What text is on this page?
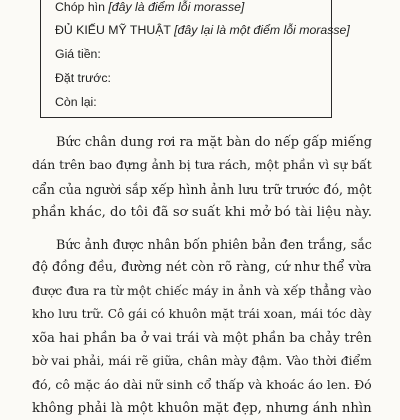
Chóp hìn [đây là điểm lỗi morasse]
ĐỦ KIẾU MỸ THUẬT [đây lại là một điểm lỗi morasse]
Giá tiền:
Đặt trước:
Còn lại:
Bức chân dung rơi ra mặt bàn do nếp gấp miếng
dán trên bao đựng ảnh bị tưa rách, một phần vì sự bất
cẩn của người sắp xếp hình ảnh lưu trữ trước đó, một
phần khác, do tôi đã sơ suất khi mở bó tài liệu này.
Bức ảnh được nhân bốn phiên bản đen trắng, sắc
độ đồng đều, đường nét còn rõ ràng, cứ như thể vừa
được đưa ra từ một chiếc máy in ảnh và xếp thẳng vào
kho lưu trữ. Cô gái có khuôn mặt trái xoan, mái tóc dày
xõa hai phần ba ở vai trái và một phần ba chảy trên
bờ vai phải, mái rẽ giữa, chân mày đậm. Vào thời điểm
đó, cô mặc áo dài nữ sinh cổ thấp và khoác áo len. Đó
không phải là một khuôn mặt đẹp, nhưng ánh nhìn
